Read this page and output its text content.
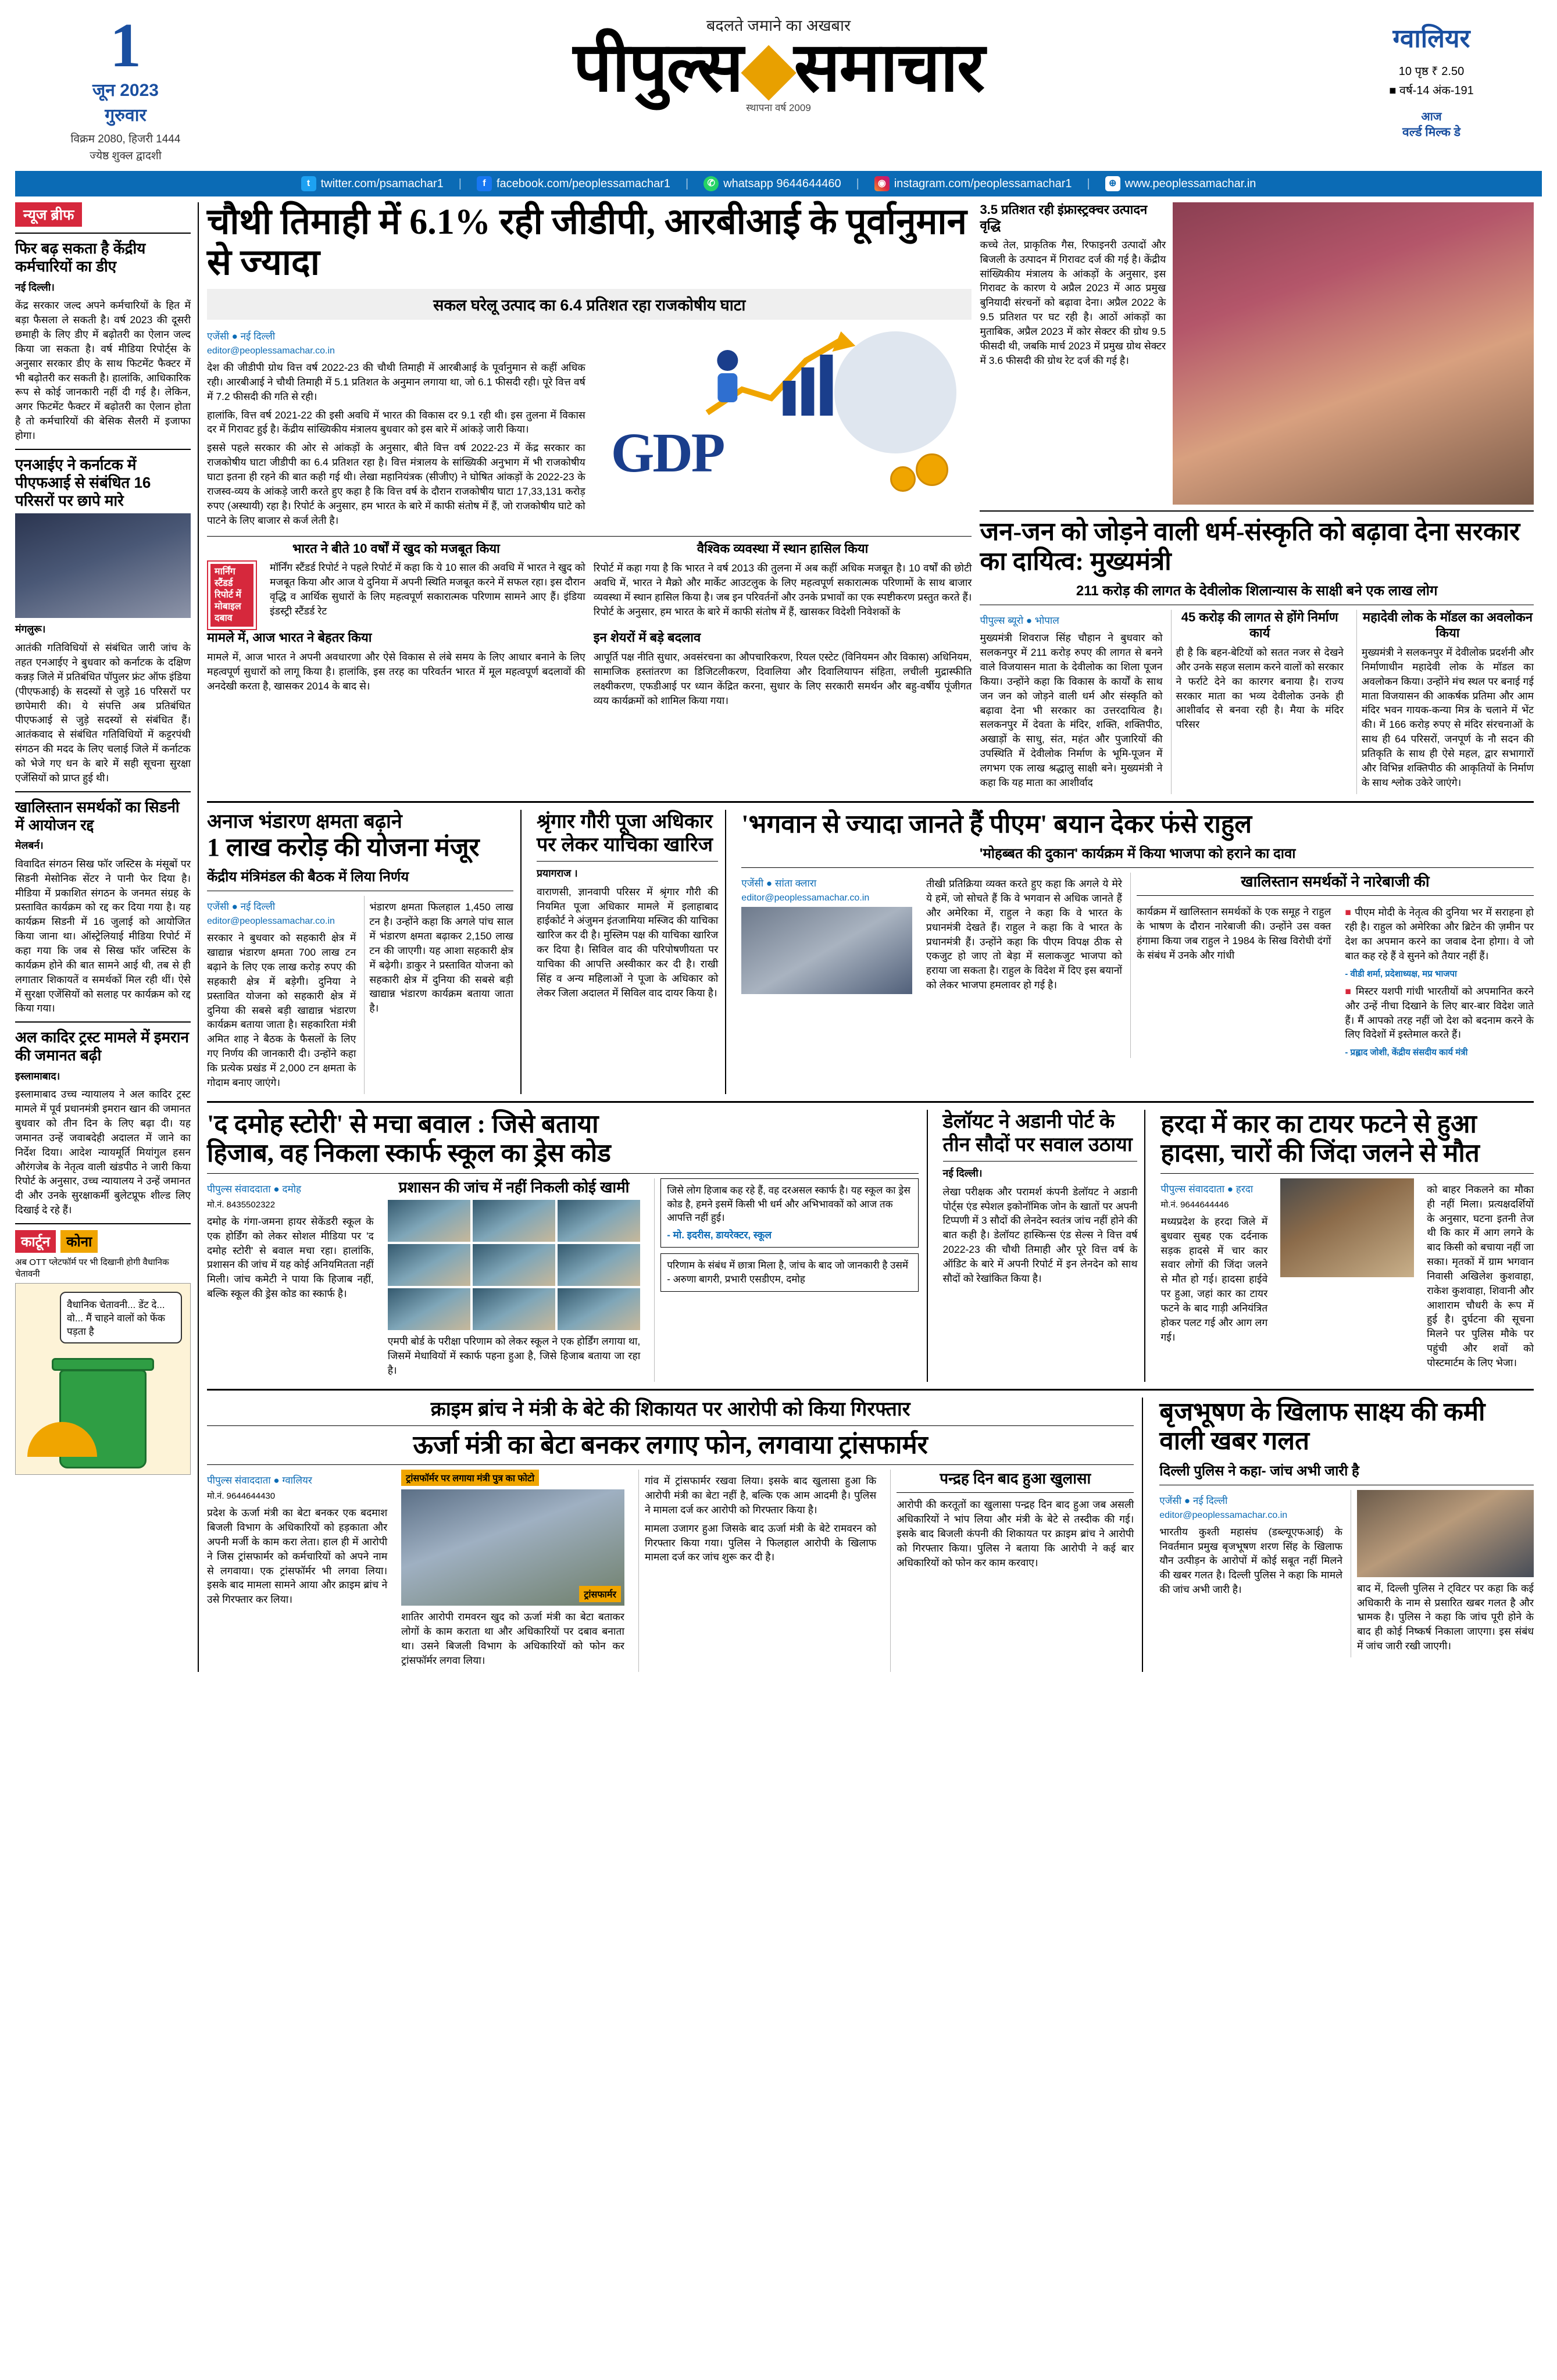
1
जून 2023
गुरुवार
विक्रम 2080, हिजरी 1444
ज्येष्ठ शुक्ल द्वादशी
बदलते जमाने का अखबार
पीपुल्स◆समाचार
स्थापना वर्ष 2009
ग्वालियर
10 पृष्ठ ₹ 2.50
■ वर्ष-14 अंक-191
आज
वर्ल्ड मिल्क डे
t twitter.com/psamachar1 |	f facebook.com/peoplessamachar1 |	✆ whatsapp 9644644460 |	◉ instagram.com/peoplessamachar1 |	⊕ www.peoplessamachar.in
न्यूज ब्रीफ
फिर बढ़ सकता है केंद्रीय कर्मचारियों का डीए

नई दिल्ली।

केंद्र सरकार जल्द अपने कर्मचारियों के हित में बड़ा फैसला ले सकती है। वर्ष 2023 की दूसरी छमाही के लिए डीए में बढ़ोतरी का ऐलान जल्द किया जा सकता है। वर्ष मीडिया रिपोर्ट्स के अनुसार सरकार डीए के साथ फिटमेंट फैक्टर में भी बढ़ोतरी कर सकती है। हालांकि, आधिकारिक रूप से कोई जानकारी नहीं दी गई है। लेकिन, अगर फिटमेंट फैक्टर में बढ़ोतरी का ऐलान होता है तो कर्मचारियों की बेसिक सैलरी में इजाफा होगा।

एनआईए ने कर्नाटक में पीएफआई से संबंधित 16 परिसरों पर छापे मारे

मंगलुरू।

आतंकी गतिविधियों से संबंधित जारी जांच के तहत एनआईए ने बुधवार को कर्नाटक के दक्षिण कन्नड़ जिले में प्रतिबंधित पॉपुलर फ्रंट ऑफ इंडिया (पीएफआई) के सदस्यों से जुड़े 16 परिसरों पर छापेमारी की। ये संपत्ति अब प्रतिबंधित पीएफआई से जुड़े सदस्यों से संबंधित हैं। आतंकवाद से संबंधित गतिविधियों में कट्टरपंथी संगठन की मदद के लिए चलाई जिले में कर्नाटक को भेजे गए धन के बारे में सही सूचना सुरक्षा एजेंसियों को प्राप्त हुई थी।

खालिस्तान समर्थकों का सिडनी में आयोजन रद्द

मेलबर्न।

विवादित संगठन सिख फॉर जस्टिस के मंसूबों पर सिडनी मेसोनिक सेंटर ने पानी फेर दिया है। मीडिया में प्रकाशित संगठन के जनमत संग्रह के प्रस्तावित कार्यक्रम को रद्द कर दिया गया है। यह कार्यक्रम सिडनी में 16 जुलाई को आयोजित किया जाना था। ऑस्ट्रेलियाई मीडिया रिपोर्ट में कहा गया कि जब से सिख फॉर जस्टिस के कार्यक्रम होने की बात सामने आई थी, तब से ही लगातार शिकायतें व समर्थकों मिल रही थीं। ऐसे में सुरक्षा एजेंसियों को सलाह पर कार्यक्रम को रद्द किया गया।

अल कादिर ट्रस्ट मामले में इमरान की जमानत बढ़ी

इस्लामाबाद।

इस्लामाबाद उच्च न्यायालय ने अल कादिर ट्रस्ट मामले में पूर्व प्रधानमंत्री इमरान खान की जमानत बुधवार को तीन दिन के लिए बढ़ा दी। यह जमानत उन्हें जवाबदेही अदालत में जाने का निर्देश दिया। आदेश न्यायमूर्ति मियांगुल हसन औरंगजेब के नेतृत्व वाली खंडपीठ ने जारी किया रिपोर्ट के अनुसार, उच्च न्यायालय ने उन्हें जमानत दी और उनके सुरक्षाकर्मी बुलेटप्रूफ शील्ड लिए दिखाई दे रहे हैं।

कार्टून	कोना
अब OTT प्लेटफॉर्म पर भी दिखानी होगी वैधानिक चेतावनी
वैधानिक चेतावनी... डेंट दे... वो... मैं चाहने वालों को फेंक पड़ता है
चौथी तिमाही में 6.1% रही जीडीपी, आरबीआई के पूर्वानुमान से ज्यादा
सकल घरेलू उत्पाद का 6.4 प्रतिशत रहा राजकोषीय घाटा
एजेंसी ● नई दिल्ली
editor@peoplessamachar.co.in

देश की जीडीपी ग्रोथ वित्त वर्ष 2022-23 की चौथी तिमाही में आरबीआई के पूर्वानुमान से कहीं अधिक रही। आरबीआई ने चौथी तिमाही में 5.1 प्रतिशत के अनुमान लगाया था, जो 6.1 फीसदी रही। पूरे वित्त वर्ष में 7.2 फीसदी की गति से रही।

हालांकि, वित्त वर्ष 2021-22 की इसी अवधि में भारत की विकास दर 9.1 रही थी। इस तुलना में विकास दर में गिरावट हुई है। केंद्रीय सांख्यिकीय मंत्रालय बुधवार को इस बारे में आंकड़े जारी किया।

इससे पहले सरकार की ओर से आंकड़ों के अनुसार, बीते वित्त वर्ष 2022-23 में केंद्र सरकार का राजकोषीय घाटा जीडीपी का 6.4 प्रतिशत रहा है। वित्त मंत्रालय के सांख्यिकी अनुभाग में भी राजकोषीय घाटा इतना ही रहने की बात कही गई थी। लेखा महानियंत्रक (सीजीए) ने घोषित आंकड़ों के 2022-23 के राजस्व-व्यय के आंकड़े जारी करते हुए कहा है कि वित्त वर्ष के दौरान राजकोषीय घाटा 17,33,131 करोड़ रुपए (अस्थायी) रहा है। रिपोर्ट के अनुसार, हम भारत के बारे में काफी संतोष में हैं, जो राजकोषीय घाटे को पाटने के लिए बाजार से कर्ज लेती है।

GDP
भारत ने बीते 10 वर्षों में खुद को मजबूत किया
मार्निंग स्टैंडर्ड रिपोर्ट में मोबाइल दबाव

मॉर्निंग स्टैंडर्ड रिपोर्ट ने पहले रिपोर्ट में कहा कि ये 10 साल की अवधि में भारत ने खुद को मजबूत किया और आज ये दुनिया में अपनी स्थिति मजबूत करने में सफल रहा। इस दौरान वृद्धि व आर्थिक सुधारों के लिए महत्वपूर्ण सकारात्मक परिणाम सामने आए हैं। इंडिया इंडस्ट्री स्टैंडर्ड रेट

वैश्विक व्यवस्था में स्थान हासिल किया

रिपोर्ट में कहा गया है कि भारत ने वर्ष 2013 की तुलना में अब कहीं अधिक मजबूत है। 10 वर्षों की छोटी अवधि में, भारत ने मैक्रो और मार्केट आउटलुक के लिए महत्वपूर्ण सकारात्मक परिणामों के साथ बाजार व्यवस्था में स्थान हासिल किया है। जब इन परिवर्तनों और उनके प्रभावों का एक स्पष्टीकरण प्रस्तुत करते हैं। रिपोर्ट के अनुसार, हम भारत के बारे में काफी संतोष में हैं, खासकर विदेशी निवेशकों के

मामले में, आज भारत ने बेहतर किया

मामले में, आज भारत ने अपनी अवधारणा और ऐसे विकास से लंबे समय के लिए आधार बनाने के लिए महत्वपूर्ण सुधारों को लागू किया है। हालांकि, इस तरह का परिवर्तन भारत में मूल महत्वपूर्ण बदलावों की अनदेखी करता है, खासकर 2014 के बाद से।

इन शेयरों में बड़े बदलाव

आपूर्ति पक्ष नीति सुधार, अवसंरचना का औपचारिकरण, रियल एस्टेट (विनियमन और विकास) अधिनियम, सामाजिक हस्तांतरण का डिजिटलीकरण, दिवालिया और दिवालियापन संहिता, लचीली मुद्रास्फीति लक्ष्यीकरण, एफडीआई पर ध्यान केंद्रित करना, सुधार के लिए सरकारी समर्थन और बहु-वर्षीय पूंजीगत व्यय कार्यक्रमों को शामिल किया गया।

3.5 प्रतिशत रही इंफ्रास्ट्रक्चर उत्पादन वृद्धि

कच्चे तेल, प्राकृतिक गैस, रिफाइनरी उत्पादों और बिजली के उत्पादन में गिरावट दर्ज की गई है। केंद्रीय सांख्यिकीय मंत्रालय के आंकड़ों के अनुसार, इस गिरावट के कारण ये अप्रैल 2023 में आठ प्रमुख बुनियादी संरचनों को बढ़ावा देना। अप्रैल 2022 के 9.5 प्रतिशत पर घट रही है। आठों आंकड़ों का मुताबिक, अप्रैल 2023 में कोर सेक्टर की ग्रोथ 9.5 फीसदी थी, जबकि मार्च 2023 में प्रमुख ग्रोथ सेक्टर में 3.6 फीसदी की ग्रोथ रेट दर्ज की गई है।

जन-जन को जोड़ने वाली धर्म-संस्कृति को बढ़ावा देना सरकार का दायित्व: मुख्यमंत्री
211 करोड़ की लागत के देवीलोक शिलान्यास के साक्षी बने एक लाख लोग
पीपुल्स ब्यूरो ● भोपाल

मुख्यमंत्री शिवराज सिंह चौहान ने बुधवार को सलकनपुर में 211 करोड़ रुपए की लागत से बनने वाले विजयासन माता के देवीलोक का शिला पूजन किया। उन्होंने कहा कि विकास के कार्यों के साथ जन जन को जोड़ने वाली धर्म और संस्कृति को बढ़ावा देना भी सरकार का उत्तरदायित्व है। सलकनपुर में देवता के मंदिर, शक्ति, शक्तिपीठ, अखाड़ों के साधु, संत, महंत और पुजारियों की उपस्थिति में देवीलोक निर्माण के भूमि-पूजन में लगभग एक लाख श्रद्धालु साक्षी बने। मुख्यमंत्री ने कहा कि यह माता का आशीर्वाद

45 करोड़ की लागत से होंगे निर्माण कार्य

ही है कि बहन-बेटियों को सतत नजर से देखने और उनके सहज सलाम करने वालों को सरकार ने फर्राटे देने का कारगर बनाया है। राज्य सरकार माता का भव्य देवीलोक उनके ही आशीर्वाद से बनवा रही है। मैया के मंदिर परिसर

महादेवी लोक के मॉडल का अवलोकन किया

मुख्यमंत्री ने सलकनपुर में देवीलोक प्रदर्शनी और निर्माणाधीन महादेवी लोक के मॉडल का अवलोकन किया। उन्होंने मंच स्थल पर बनाई गई माता विजयासन की आकर्षक प्रतिमा और आम मंदिर भवन गायक-कन्या मित्र के चलाने में भेंट की। में 166 करोड़ रुपए से मंदिर संरचनाओं के साथ ही 64 परिसरों, जनपूर्ण के नौ सदन की प्रतिकृति के साथ ही ऐसे महल, द्वार सभागारों और विभिन्न शक्तिपीठ की आकृतियों के निर्माण के साथ श्लोक उकेरे जाएंगे।

अनाज भंडारण क्षमता बढ़ाने
1 लाख करोड़ की योजना मंजूर
केंद्रीय मंत्रिमंडल की बैठक में लिया निर्णय
एजेंसी ● नई दिल्ली
editor@peoplessamachar.co.in

सरकार ने बुधवार को सहकारी क्षेत्र में खाद्यान्न भंडारण क्षमता 700 लाख टन बढ़ाने के लिए एक लाख करोड़ रुपए की सहकारी क्षेत्र में बड़ेगी। दुनिया ने प्रस्तावित योजना को सहकारी क्षेत्र में दुनिया की सबसे बड़ी खाद्यान्न भंडारण कार्यक्रम बताया जाता है। सहकारिता मंत्री अमित शाह ने बैठक के फैसलों के लिए गए निर्णय की जानकारी दी। उन्होंने कहा कि प्रत्येक प्रखंड में 2,000 टन क्षमता के गोदाम बनाए जाएंगे।

भंडारण क्षमता फिलहाल 1,450 लाख टन है। उन्होंने कहा कि अगले पांच साल में भंडारण क्षमता बढ़ाकर 2,150 लाख टन की जाएगी। यह आशा सहकारी क्षेत्र में बढ़ेगी। डाकुर ने प्रस्तावित योजना को सहकारी क्षेत्र में दुनिया की सबसे बड़ी खाद्यान्न भंडारण कार्यक्रम बताया जाता है।

श्रृंगार गौरी पूजा अधिकार पर लेकर याचिका खारिज

प्रयागराज ।

वाराणसी, ज्ञानवापी परिसर में श्रृंगार गौरी की नियमित पूजा अधिकार मामले में इलाहाबाद हाईकोर्ट ने अंजुमन इंतजामिया मस्जिद की याचिका खारिज कर दी है। मुस्लिम पक्ष की याचिका खारिज कर दिया है। सिविल वाद की परिपोषणीयता पर याचिका की आपत्ति अस्वीकार कर दी है। राखी सिंह व अन्य महिलाओं ने पूजा के अधिकार को लेकर जिला अदालत में सिविल वाद दायर किया है।

'भगवान से ज्यादा जानते हैं पीएम' बयान देकर फंसे राहुल
'मोहब्बत की दुकान' कार्यक्रम में किया भाजपा को हराने का दावा
एजेंसी ● सांता क्लारा
editor@peoplessamachar.co.in

तीखी प्रतिक्रिया व्यक्त करते हुए कहा कि अगले ये मेरे ये हमें, जो सोचते हैं कि वे भगवान से अधिक जानते हैं और अमेरिका में, राहुल ने कहा कि वे भारत के प्रधानमंत्री देखते हैं। राहुल ने कहा कि वे भारत के प्रधानमंत्री हैं। उन्होंने कहा कि पीएम विपक्ष ठीक से एकजुट हो जाए तो बेड़ा में सलाकजुट भाजपा को हराया जा सकता है। राहुल के विदेश में दिए इस बयानों को लेकर भाजपा हमलावर हो गई है।

खालिस्तान समर्थकों ने नारेबाजी की

कार्यक्रम में खालिस्तान समर्थकों के एक समूह ने राहुल के भाषण के दौरान नारेबाजी की। उन्होंने उस वक्त हंगामा किया जब राहुल ने 1984 के सिख विरोधी दंगों के संबंध में उनके और गांधी

■ पीएम मोदी के नेतृत्व की दुनिया भर में सराहना हो रही है। राहुल को अमेरिका और ब्रिटेन की ज़मीन पर देश का अपमान करने का जवाब देना होगा। वे जो बात कह रहे हैं वे सुनने को तैयार नहीं हैं।

- वीडी शर्मा, प्रदेशाध्यक्ष, मप्र भाजपा

■ मिस्टर यशपी गांधी भारतीयों को अपमानित करने और उन्हें नीचा दिखाने के लिए बार-बार विदेश जाते हैं। मैं आपको तरह नहीं जो देश को बदनाम करने के लिए विदेशों में इस्तेमाल करते हैं।

- प्रह्लाद जोशी, केंद्रीय संसदीय कार्य मंत्री
'द दमोह स्टोरी' से मचा बवाल : जिसे बताया
हिजाब, वह निकला स्कार्फ स्कूल का ड्रेस कोड
पीपुल्स संवाददाता ● दमोह
मो.नं. 8435502322

दमोह के गंगा-जमना हायर सेकेंडरी स्कूल के एक होर्डिंग को लेकर सोशल मीडिया पर 'द दमोह स्टोरी' से बवाल मचा रहा। हालांकि, प्रशासन की जांच में यह कोई अनियमितता नहीं मिली। जांच कमेटी ने पाया कि हिजाब नहीं, बल्कि स्कूल की ड्रेस कोड का स्कार्फ है।

प्रशासन की जांच में नहीं निकली कोई खामी

एमपी बोर्ड के परीक्षा परिणाम को लेकर स्कूल ने एक होर्डिंग लगाया था, जिसमें मेधावियों में स्कार्फ पहना हुआ है, जिसे हिजाब बताया जा रहा है।

जिसे लोग हिजाब कह रहे हैं, वह दरअसल स्कार्फ है। यह स्कूल का ड्रेस कोड है, हमने इसमें किसी भी धर्म और अभिभावकों को आज तक आपत्ति नहीं हुई।
- मो. इदरीस, डायरेक्टर, स्कूल
परिणाम के संबंध में छात्रा मिला है, जांच के बाद जो जानकारी है उसमें - अरुणा बागरी, प्रभारी एसडीएम, दमोह
डेलॉयट ने अडानी पोर्ट के तीन सौदों पर सवाल उठाया

नई दिल्ली।

लेखा परीक्षक और परामर्श कंपनी डेलॉयट ने अडानी पोर्ट्स एंड स्पेशल इकोनॉमिक जोन के खातों पर अपनी टिप्पणी में 3 सौदों की लेनदेन स्वतंत्र जांच नहीं होने की बात कही है। डेलॉयट हास्किन्स एंड सेल्स ने वित्त वर्ष 2022-23 की चौथी तिमाही और पूरे वित्त वर्ष के ऑडिट के बारे में अपनी रिपोर्ट में इन लेनदेन को साथ सौदों को रेखांकित किया है।

हरदा में कार का टायर फटने से हुआ हादसा, चारों की जिंदा जलने से मौत
पीपुल्स संवाददाता ● हरदा
मो.नं. 9644644446

मध्यप्रदेश के हरदा जिले में बुधवार सुबह एक दर्दनाक सड़क हादसे में चार कार सवार लोगों की जिंदा जलने से मौत हो गई। हादसा हाईवे पर हुआ, जहां कार का टायर फटने के बाद गाड़ी अनियंत्रित होकर पलट गई और आग लग गई।

को बाहर निकलने का मौका ही नहीं मिला। प्रत्यक्षदर्शियों के अनुसार, घटना इतनी तेज थी कि कार में आग लगने के बाद किसी को बचाया नहीं जा सका। मृतकों में ग्राम भगवान निवासी अखिलेश कुशवाहा, राकेश कुशवाहा, शिवानी और आशाराम चौधरी के रूप में हुई है। दुर्घटना की सूचना मिलने पर पुलिस मौके पर पहुंची और शवों को पोस्टमार्टम के लिए भेजा।

क्राइम ब्रांच ने मंत्री के बेटे की शिकायत पर आरोपी को किया गिरफ्तार
ऊर्जा मंत्री का बेटा बनकर लगाए फोन, लगवाया ट्रांसफार्मर
पीपुल्स संवाददाता ● ग्वालियर
मो.नं. 9644644430

प्रदेश के ऊर्जा मंत्री का बेटा बनकर एक बदमाश बिजली विभाग के अधिकारियों को हड़काता और अपनी मर्जी के काम करा लेता। हाल ही में आरोपी ने जिस ट्रांसफार्मर को कर्मचारियों को अपने नाम से लगवाया। एक ट्रांसफॉर्मर भी लगवा लिया। इसके बाद मामला सामने आया और क्राइम ब्रांच ने उसे गिरफ्तार कर लिया।

ट्रांसफॉर्मर पर लगाया मंत्री पुत्र का फोटो
ट्रांसफार्मर

शातिर आरोपी रामवरन खुद को ऊर्जा मंत्री का बेटा बताकर लोगों के काम कराता था और अधिकारियों पर दबाव बनाता था। उसने बिजली विभाग के अधिकारियों को फोन कर ट्रांसफॉर्मर लगवा लिया।

गांव में ट्रांसफार्मर रखवा लिया। इसके बाद खुलासा हुआ कि आरोपी मंत्री का बेटा नहीं है, बल्कि एक आम आदमी है। पुलिस ने मामला दर्ज कर आरोपी को गिरफ्तार किया है।

मामला उजागर हुआ जिसके बाद ऊर्जा मंत्री के बेटे रामवरन को गिरफ्तार किया गया। पुलिस ने फिलहाल आरोपी के खिलाफ मामला दर्ज कर जांच शुरू कर दी है।

पन्द्रह दिन बाद हुआ खुलासा

आरोपी की करतूतों का खुलासा पन्द्रह दिन बाद हुआ जब असली अधिकारियों ने भांप लिया और मंत्री के बेटे से तस्दीक की गई। इसके बाद बिजली कंपनी की शिकायत पर क्राइम ब्रांच ने आरोपी को गिरफ्तार किया। पुलिस ने बताया कि आरोपी ने कई बार अधिकारियों को फोन कर काम करवाए।

बृजभूषण के खिलाफ साक्ष्य की कमी वाली खबर गलत
दिल्ली पुलिस ने कहा- जांच अभी जारी है
एजेंसी ● नई दिल्ली
editor@peoplessamachar.co.in

भारतीय कुश्ती महासंघ (डब्ल्यूएफआई) के निवर्तमान प्रमुख बृजभूषण शरण सिंह के खिलाफ यौन उत्पीड़न के आरोपों में कोई सबूत नहीं मिलने की खबर गलत है। दिल्ली पुलिस ने कहा कि मामले की जांच अभी जारी है।	बाद में, दिल्ली पुलिस ने ट्विटर पर कहा कि कई अधिकारी के नाम से प्रसारित खबर गलत है और भ्रामक है। पुलिस ने कहा कि जांच पूरी होने के बाद ही कोई निष्कर्ष निकाला जाएगा। इस संबंध में जांच जारी रखी जाएगी।
